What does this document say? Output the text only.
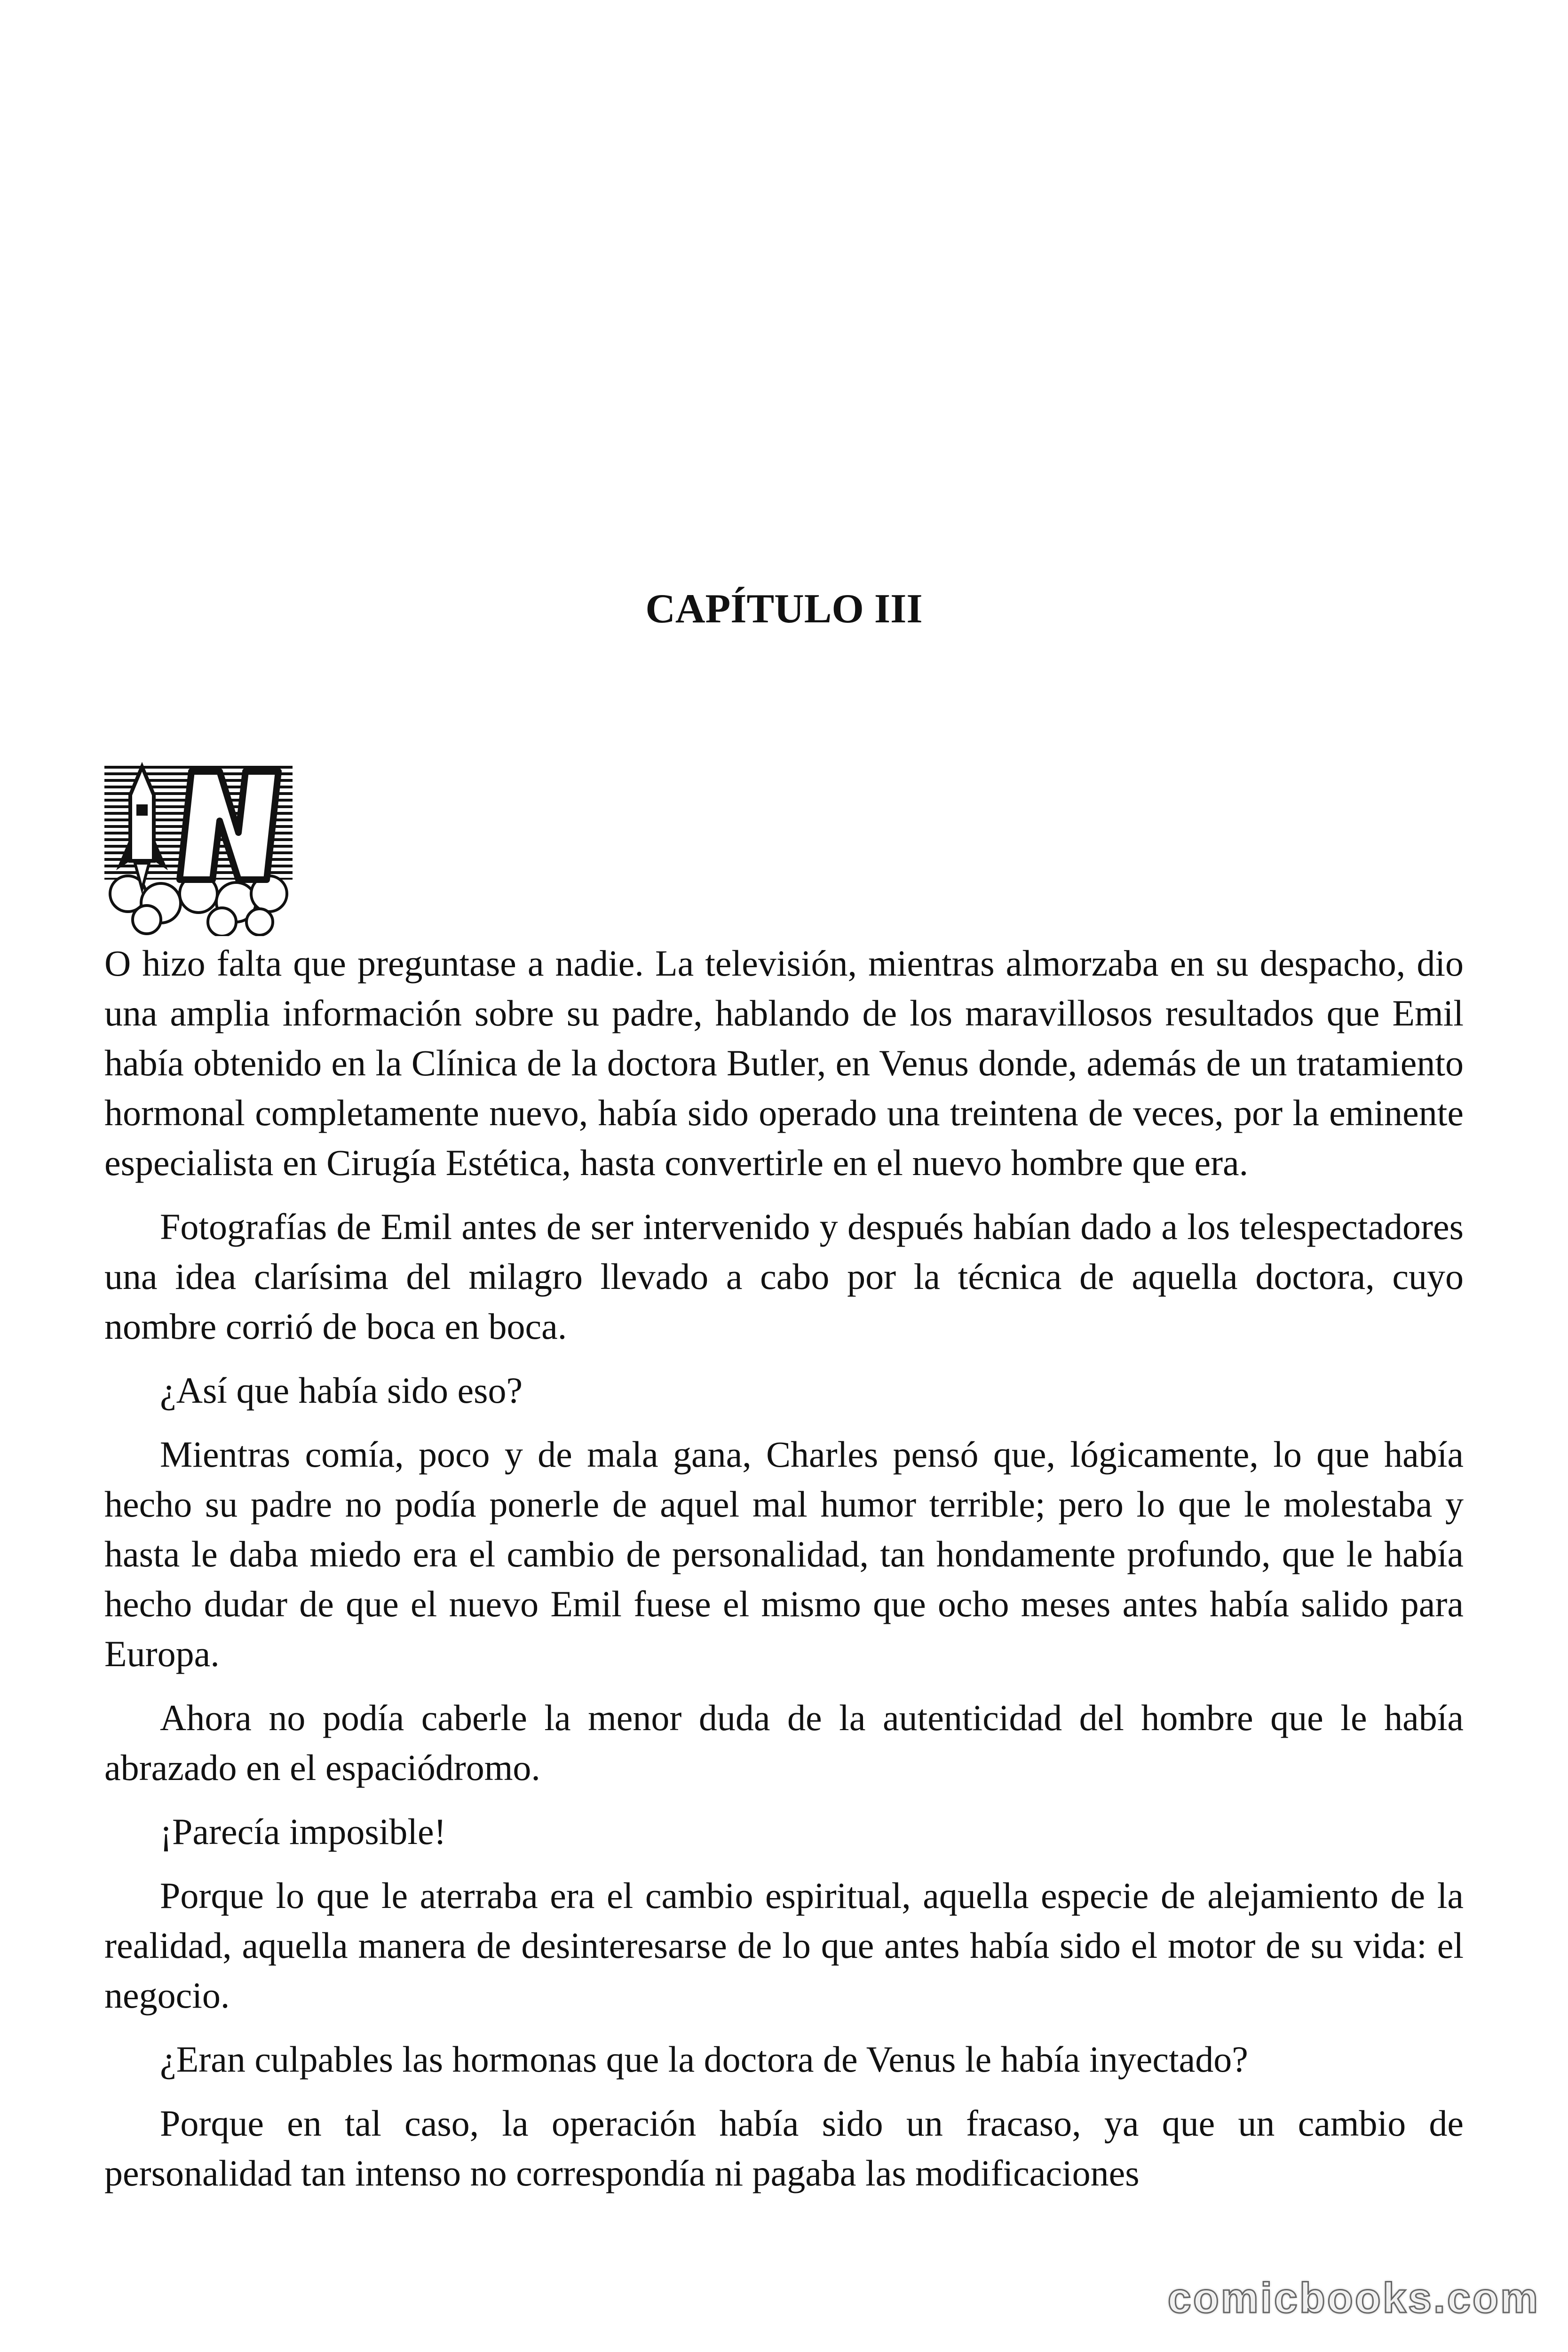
CAPÍTULO III

O hizo falta que preguntase a nadie. La televisión, mientras almorzaba en su despacho, dio una amplia información sobre su padre, hablando de los maravillosos resultados que Emil había obtenido en la Clínica de la doctora Butler, en Venus donde, además de un tratamiento hormonal completamente nuevo, había sido operado una treintena de veces, por la eminente especialista en Cirugía Estética, hasta convertirle en el nuevo hombre que era.

Fotografías de Emil antes de ser intervenido y después habían dado a los telespectadores una idea clarísima del milagro llevado a cabo por la técnica de aquella doctora, cuyo nombre corrió de boca en boca.

¿Así que había sido eso?

Mientras comía, poco y de mala gana, Charles pensó que, lógicamente, lo que había hecho su padre no podía ponerle de aquel mal humor terrible; pero lo que le molestaba y hasta le daba miedo era el cambio de personalidad, tan hondamente profundo, que le había hecho dudar de que el nuevo Emil fuese el mismo que ocho meses antes había salido para Europa.

Ahora no podía caberle la menor duda de la autenticidad del hombre que le había abrazado en el espaciódromo.

¡Parecía imposible!

Porque lo que le aterraba era el cambio espiritual, aquella especie de alejamiento de la realidad, aquella manera de desinteresarse de lo que antes había sido el motor de su vida: el negocio.

¿Eran culpables las hormonas que la doctora de Venus le había inyectado?

Porque en tal caso, la operación había sido un fracaso, ya que un cambio de personalidad tan intenso no correspondía ni pagaba las modificaciones

comicbooks.com
